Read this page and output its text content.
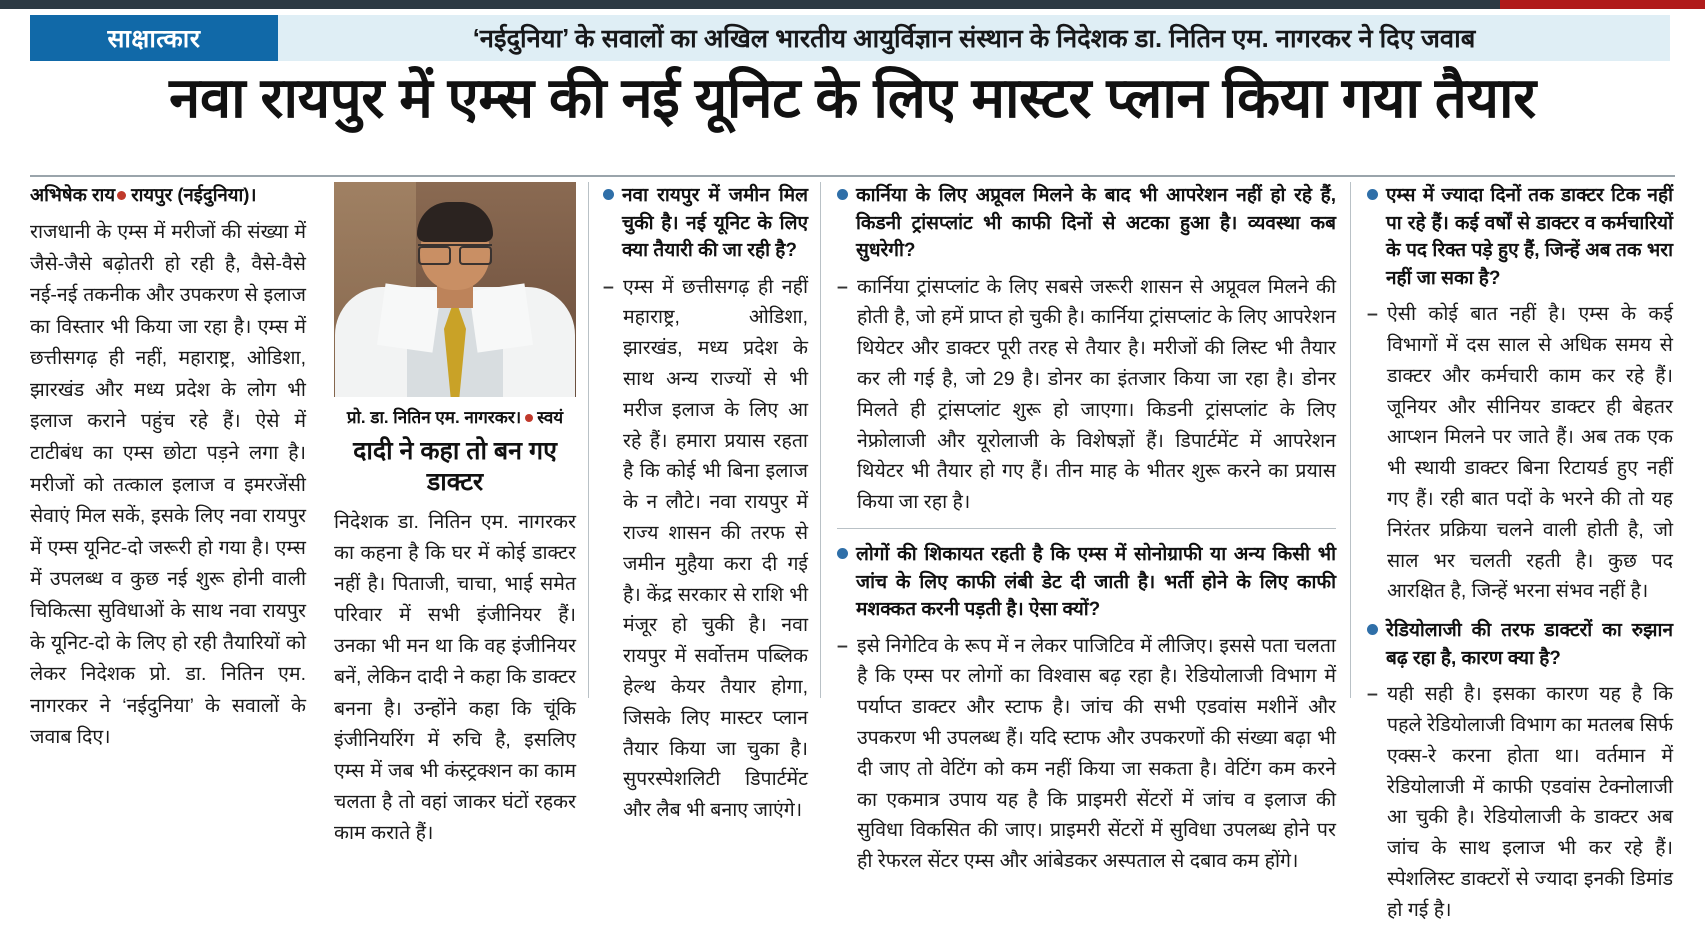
साक्षात्कार	‘नईदुनिया’ के सवालों का अखिल भारतीय आयुर्विज्ञान संस्थान के निदेशक डा. नितिन एम. नागरकर ने दिए जवाब
नवा रायपुर में एम्स की नई यूनिट के लिए मास्टर प्लान किया गया तैयार
अभिषेक राय रायपुर (नईदुनिया)।
राजधानी के एम्स में मरीजों की संख्या में जैसे-जैसे बढ़ोतरी हो रही है, वैसे-वैसे नई-नई तकनीक और उपकरण से इलाज का विस्तार भी किया जा रहा है। एम्स में छत्तीसगढ़ ही नहीं, महाराष्ट्र, ओडिशा, झारखंड और मध्य प्रदेश के लोग भी इलाज कराने पहुंच रहे हैं। ऐसे में टाटीबंध का एम्स छोटा पड़ने लगा है। मरीजों को तत्काल इलाज व इमरजेंसी सेवाएं मिल सकें, इसके लिए नवा रायपुर में एम्स यूनिट-दो जरूरी हो गया है। एम्स में उपलब्ध व कुछ नई शुरू होनी वाली चिकित्सा सुविधाओं के साथ नवा रायपुर के यूनिट-दो के लिए हो रही तैयारियों को लेकर निदेशक प्रो. डा. नितिन एम. नागरकर ने ‘नईदुनिया’ के सवालों के जवाब दिए।
प्रो. डा. नितिन एम. नागरकर। स्वयं
दादी ने कहा तो बन गए डाक्टर
निदेशक डा. नितिन एम. नागरकर का कहना है कि घर में कोई डाक्टर नहीं है। पिताजी, चाचा, भाई समेत परिवार में सभी इंजीनियर हैं। उनका भी मन था कि वह इंजीनियर बनें, लेकिन दादी ने कहा कि डाक्टर बनना है। उन्होंने कहा कि चूंकि इंजीनियरिंग में रुचि है, इसलिए एम्स में जब भी कंस्ट्रक्शन का काम चलता है तो वहां जाकर घंटों रहकर काम कराते हैं।
नवा रायपुर में जमीन मिल चुकी है। नई यूनिट के लिए क्या तैयारी की जा रही है?
– एम्स में छत्तीसगढ़ ही नहीं महाराष्ट्र, ओडिशा, झारखंड, मध्य प्रदेश के साथ अन्य राज्यों से भी मरीज इलाज के लिए आ रहे हैं। हमारा प्रयास रहता है कि कोई भी बिना इलाज के न लौटे। नवा रायपुर में राज्य शासन की तरफ से जमीन मुहैया करा दी गई है। केंद्र सरकार से राशि भी मंजूर हो चुकी है। नवा रायपुर में सर्वोत्तम पब्लिक हेल्थ केयर तैयार होगा, जिसके लिए मास्टर प्लान तैयार किया जा चुका है। सुपरस्पेशलिटी डिपार्टमेंट और लैब भी बनाए जाएंगे।
कार्निया के लिए अप्रूवल मिलने के बाद भी आपरेशन नहीं हो रहे हैं, किडनी ट्रांसप्लांट भी काफी दिनों से अटका हुआ है। व्यवस्था कब सुधरेगी?
– कार्निया ट्रांसप्लांट के लिए सबसे जरूरी शासन से अप्रूवल मिलने की होती है, जो हमें प्राप्त हो चुकी है। कार्निया ट्रांसप्लांट के लिए आपरेशन थियेटर और डाक्टर पूरी तरह से तैयार है। मरीजों की लिस्ट भी तैयार कर ली गई है, जो 29 है। डोनर का इंतजार किया जा रहा है। डोनर मिलते ही ट्रांसप्लांट शुरू हो जाएगा। किडनी ट्रांसप्लांट के लिए नेफ्रोलाजी और यूरोलाजी के विशेषज्ञों हैं। डिपार्टमेंट में आपरेशन थियेटर भी तैयार हो गए हैं। तीन माह के भीतर शुरू करने का प्रयास किया जा रहा है।
लोगों की शिकायत रहती है कि एम्स में सोनोग्राफी या अन्य किसी भी जांच के लिए काफी लंबी डेट दी जाती है। भर्ती होने के लिए काफी मशक्कत करनी पड़ती है। ऐसा क्यों?
– इसे निगेटिव के रूप में न लेकर पाजिटिव में लीजिए। इससे पता चलता है कि एम्स पर लोगों का विश्वास बढ़ रहा है। रेडियोलाजी विभाग में पर्याप्त डाक्टर और स्टाफ है। जांच की सभी एडवांस मशीनें और उपकरण भी उपलब्ध हैं। यदि स्टाफ और उपकरणों की संख्या बढ़ा भी दी जाए तो वेटिंग को कम नहीं किया जा सकता है। वेटिंग कम करने का एकमात्र उपाय यह है कि प्राइमरी सेंटरों में जांच व इलाज की सुविधा विकसित की जाए। प्राइमरी सेंटरों में सुविधा उपलब्ध होने पर ही रेफरल सेंटर एम्स और आंबेडकर अस्पताल से दबाव कम होंगे।
एम्स में ज्यादा दिनों तक डाक्टर टिक नहीं पा रहे हैं। कई वर्षों से डाक्टर व कर्मचारियों के पद रिक्त पड़े हुए हैं, जिन्हें अब तक भरा नहीं जा सका है?
– ऐसी कोई बात नहीं है। एम्स के कई विभागों में दस साल से अधिक समय से डाक्टर और कर्मचारी काम कर रहे हैं। जूनियर और सीनियर डाक्टर ही बेहतर आप्शन मिलने पर जाते हैं। अब तक एक भी स्थायी डाक्टर बिना रिटायर्ड हुए नहीं गए हैं। रही बात पदों के भरने की तो यह निरंतर प्रक्रिया चलने वाली होती है, जो साल भर चलती रहती है। कुछ पद आरक्षित है, जिन्हें भरना संभव नहीं है।
रेडियोलाजी की तरफ डाक्टरों का रुझान बढ़ रहा है, कारण क्या है?
– यही सही है। इसका कारण यह है कि पहले रेडियोलाजी विभाग का मतलब सिर्फ एक्स-रे करना होता था। वर्तमान में रेडियोलाजी में काफी एडवांस टेक्नोलाजी आ चुकी है। रेडियोलाजी के डाक्टर अब जांच के साथ इलाज भी कर रहे हैं। स्पेशलिस्ट डाक्टरों से ज्यादा इनकी डिमांड हो गई है।
